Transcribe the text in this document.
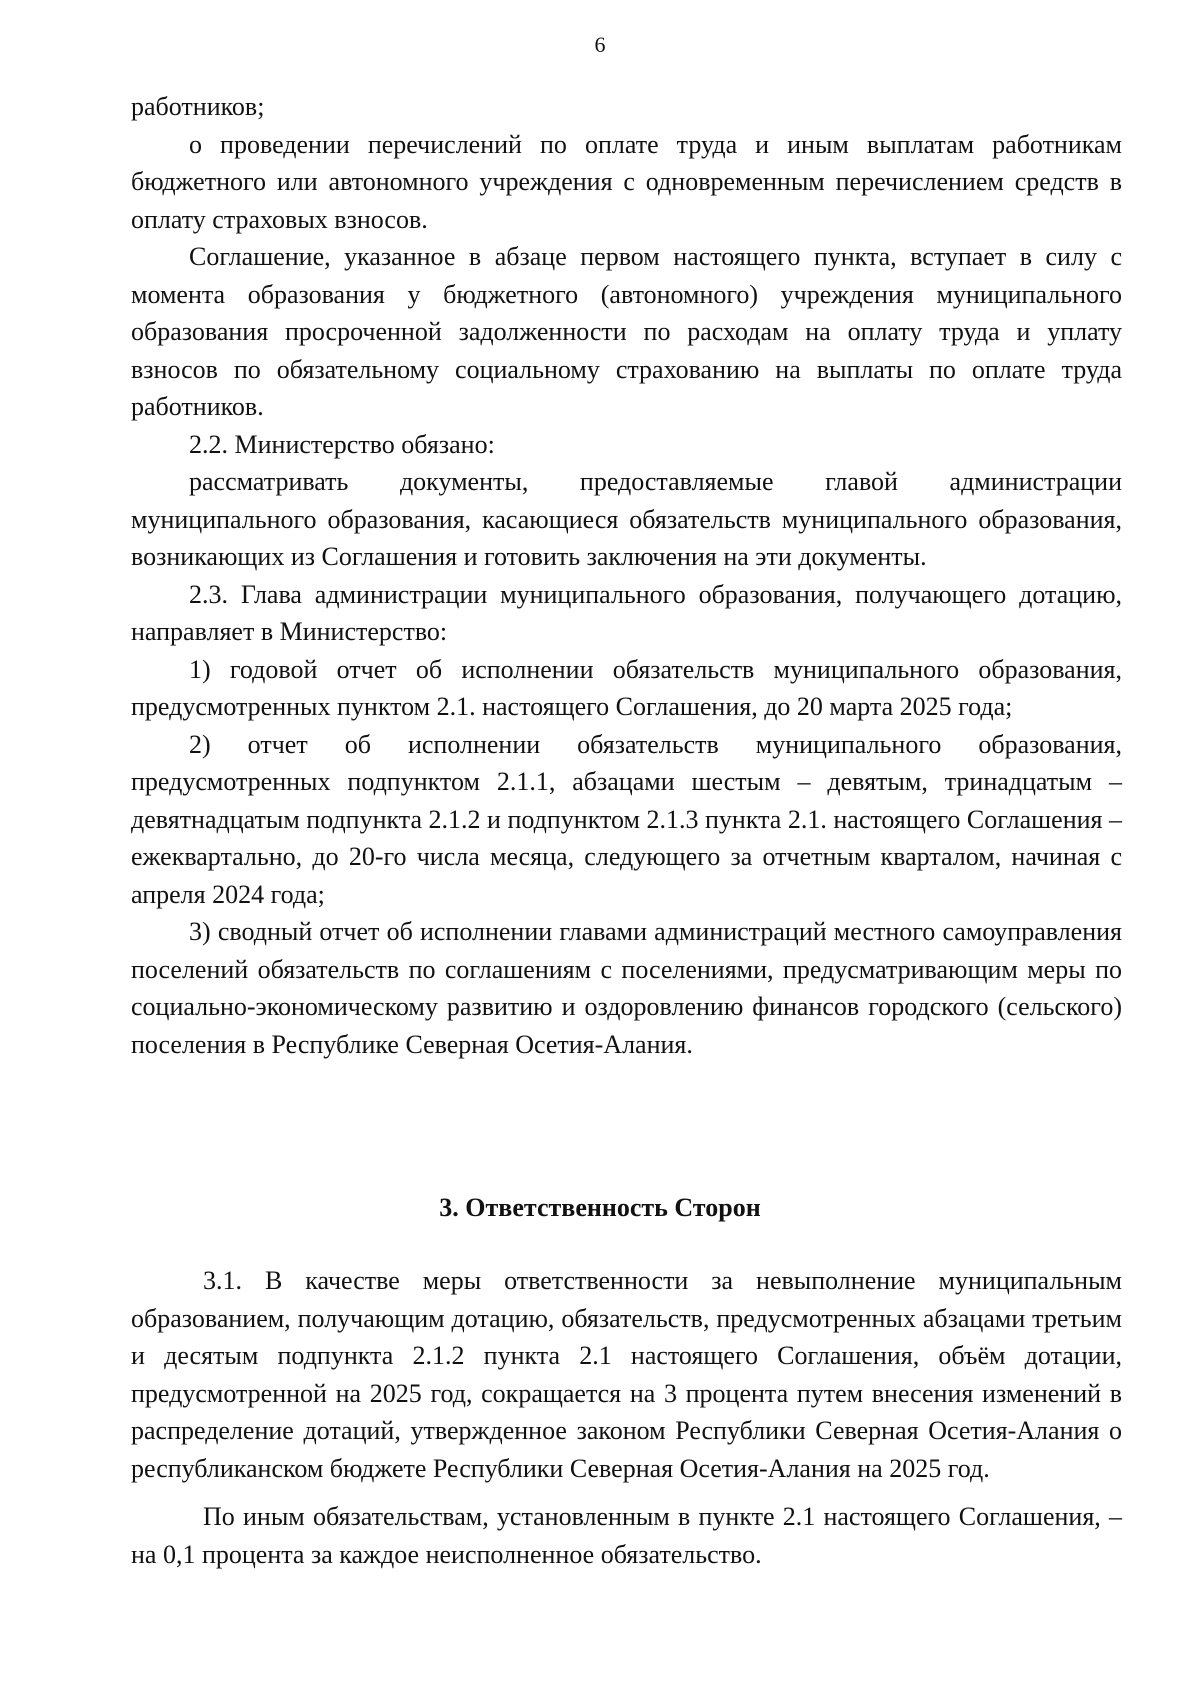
6

работников;

о проведении перечислений по оплате труда и иным выплатам работникам бюджетного или автономного учреждения с одновременным перечислением средств в оплату страховых взносов.

Соглашение, указанное в абзаце первом настоящего пункта, вступает в силу с момента образования у бюджетного (автономного) учреждения муниципального образования просроченной задолженности по расходам на оплату труда и уплату взносов по обязательному социальному страхованию на выплаты по оплате труда работников.

2.2. Министерство обязано:

рассматривать документы, предоставляемые главой администрации муниципального образования, касающиеся обязательств муниципального образования, возникающих из Соглашения и готовить заключения на эти документы.

2.3. Глава администрации муниципального образования, получающего дотацию, направляет в Министерство:

1) годовой отчет об исполнении обязательств муниципального образования, предусмотренных пунктом 2.1. настоящего Соглашения, до 20 марта 2025 года;

2) отчет об исполнении обязательств муниципального образования, предусмотренных подпунктом 2.1.1, абзацами шестым – девятым, тринадцатым – девятнадцатым подпункта 2.1.2 и подпунктом 2.1.3 пункта 2.1. настоящего Соглашения – ежеквартально, до 20-го числа месяца, следующего за отчетным кварталом, начиная с апреля 2024 года;

3) сводный отчет об исполнении главами администраций местного самоуправления поселений обязательств по соглашениям с поселениями, предусматривающим меры по социально-экономическому развитию и оздоровлению финансов городского (сельского) поселения в Республике Северная Осетия-Алания.

3. Ответственность Сторон

3.1. В качестве меры ответственности за невыполнение муниципальным образованием, получающим дотацию, обязательств, предусмотренных абзацами третьим и десятым подпункта 2.1.2 пункта 2.1 настоящего Соглашения, объём дотации, предусмотренной на 2025 год, сокращается на 3 процента путем внесения изменений в распределение дотаций, утвержденное законом Республики Северная Осетия-Алания о республиканском бюджете Республики Северная Осетия-Алания на 2025 год.

По иным обязательствам, установленным в пункте 2.1 настоящего Соглашения, – на 0,1 процента за каждое неисполненное обязательство.
